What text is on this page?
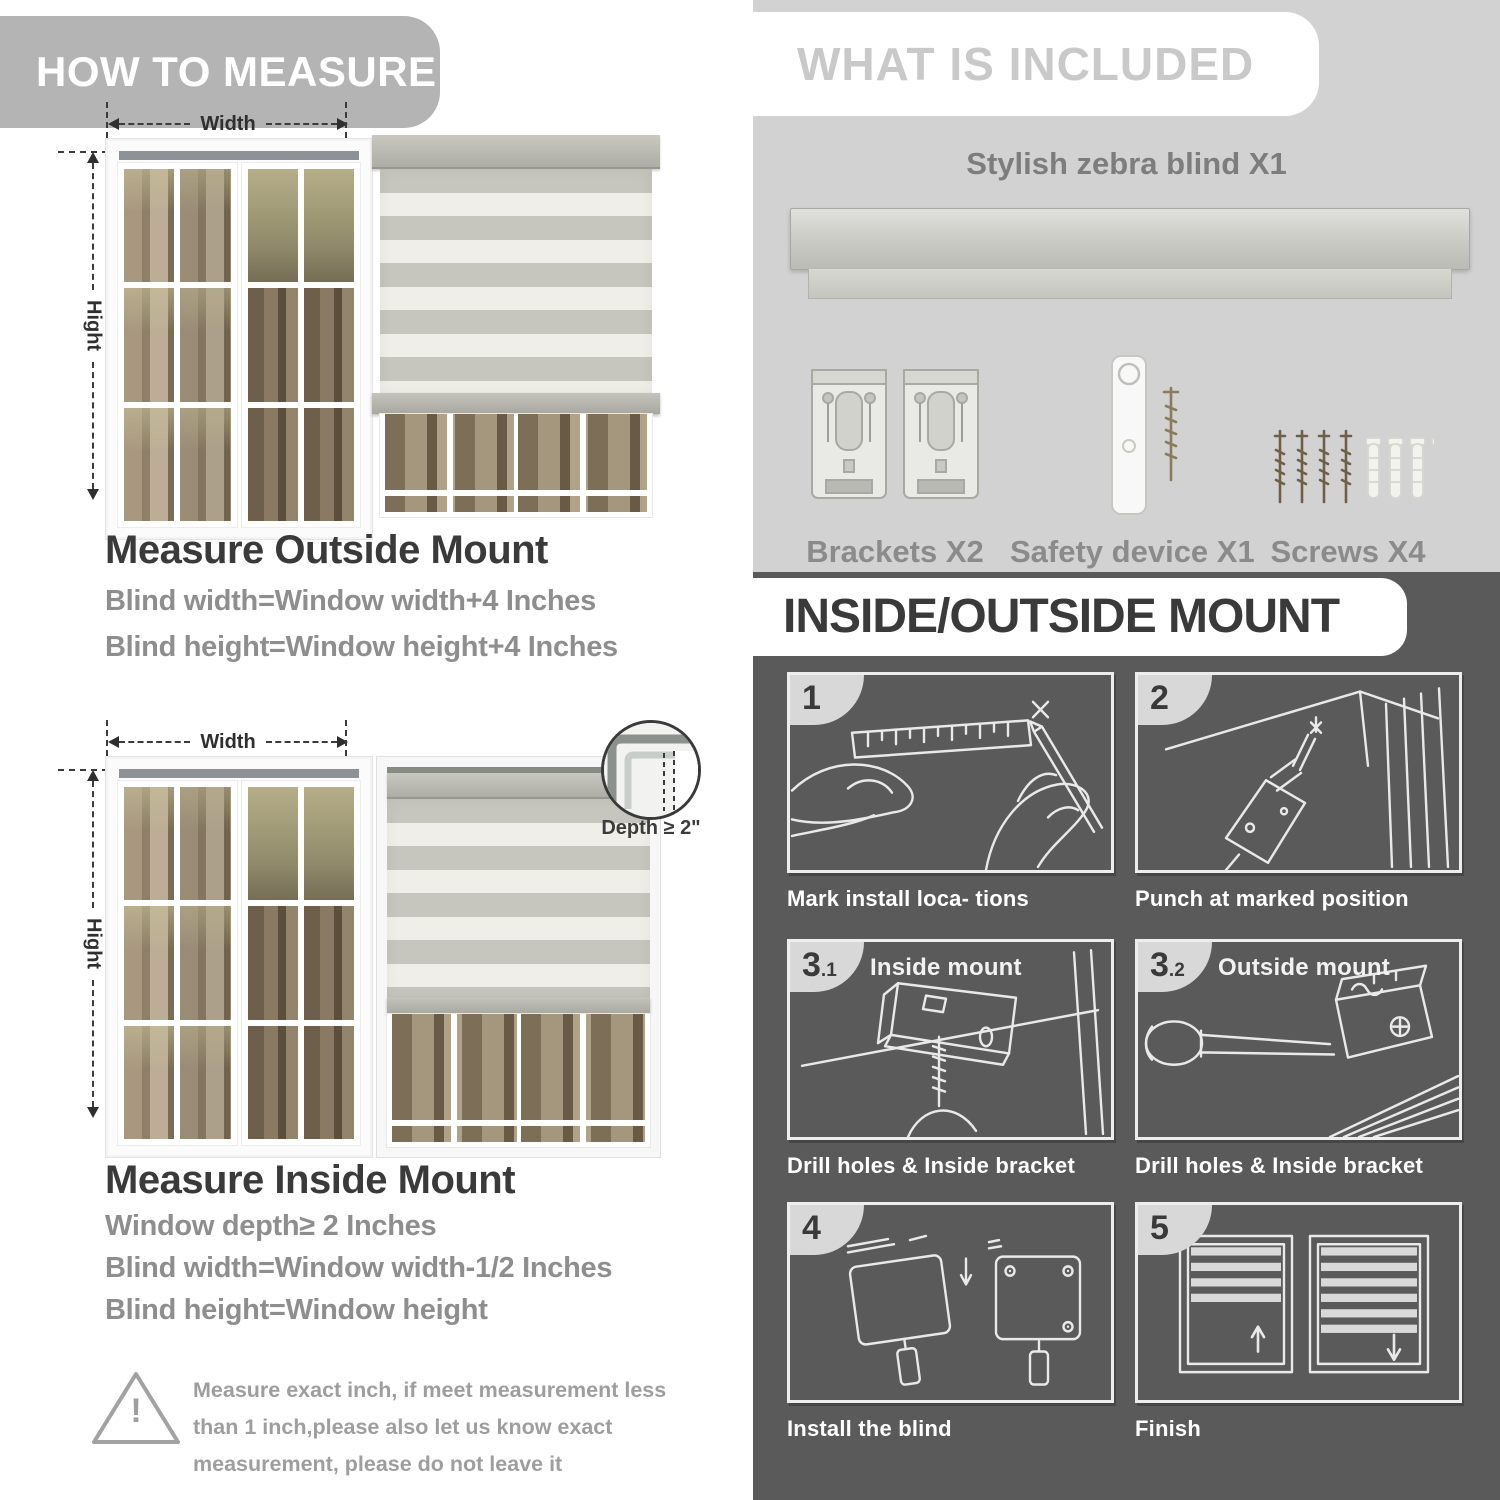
HOW TO MEASURE
Width
Hight
Measure Outside Mount

Blind width=Window width+4 Inches

Blind height=Window height+4 Inches

Width
Hight
Depth ≥ 2"
Measure Inside Mount

Window depth≥ 2 Inches

Blind width=Window width-1/2 Inches

Blind height=Window height

!
Measure exact inch, if meet measurement less
than 1 inch,please also let us know exact
measurement, please do not leave it
WHAT IS INCLUDED
Stylish zebra blind X1
Brackets X2 Safety device X1 Screws X4
INSIDE/OUTSIDE MOUNT
1
Mark install loca- tions
2
Punch at marked position
3.1	Inside mount
Drill holes & Inside bracket
3.2	Outside mount
Drill holes & Inside bracket
4
Install the blind
5
Finish
